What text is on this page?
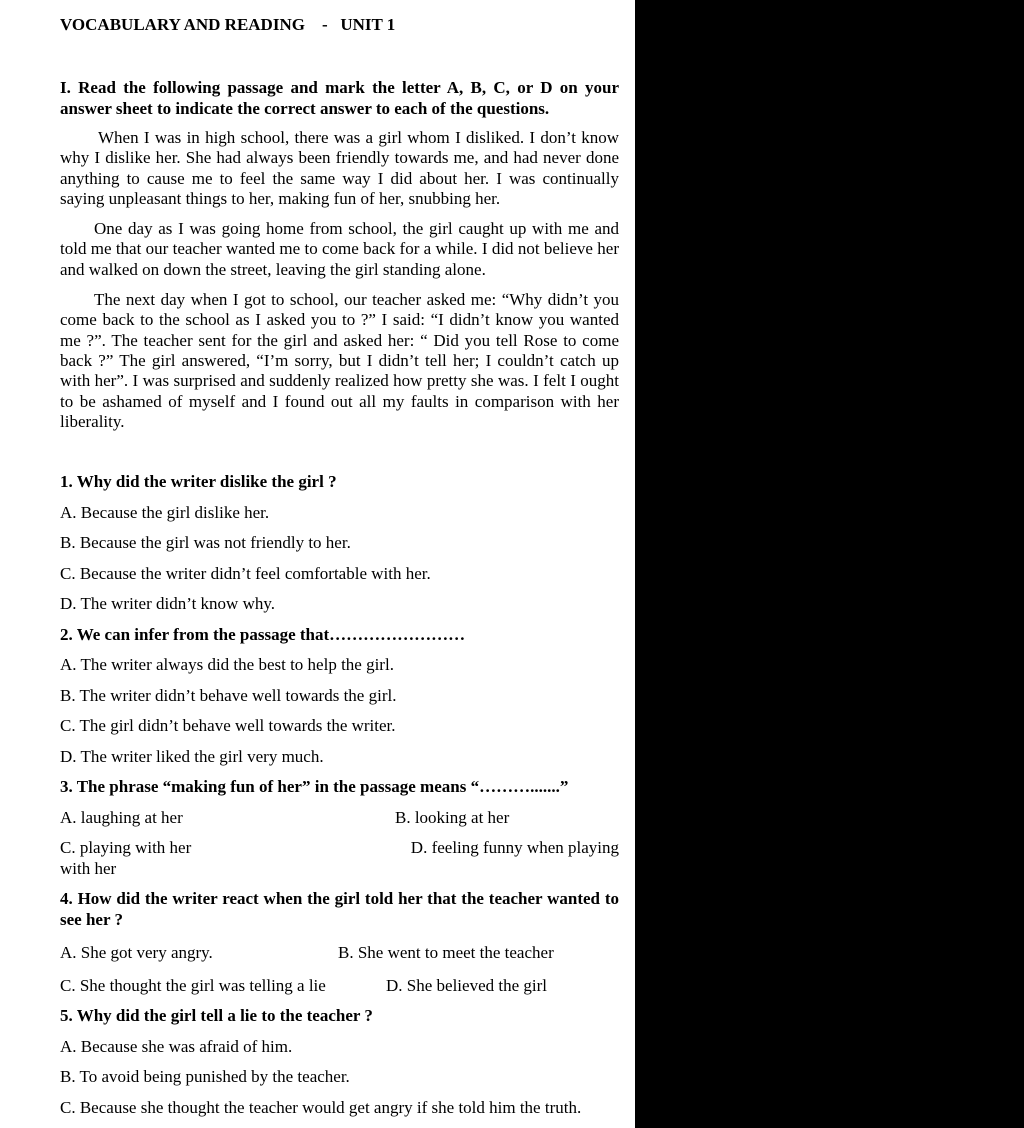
VOCABULARY AND READING    -   UNIT 1

I. Read the following passage and mark the letter A, B, C, or D on your answer sheet to indicate the correct answer to each of the questions.

When I was in high school, there was a girl whom I disliked. I don’t know why I dislike her. She had always been friendly towards me, and had never done anything to cause me to feel the same way I did about her. I was continually saying unpleasant things to her, making fun of her, snubbing her.

One day as I was going home from school, the girl caught up with me and told me that our teacher wanted me to come back for a while. I did not believe her and walked on down the street, leaving the girl standing alone.

The next day when I got to school, our teacher asked me: “Why didn’t you come back to the school as I asked you to ?” I said: “I didn’t know you wanted me ?”. The teacher sent for the girl and asked her: “ Did you tell Rose to come back ?” The girl answered, “I’m sorry, but I didn’t tell her; I couldn’t catch up with her”. I was surprised and suddenly realized how pretty she was. I felt I ought to be ashamed of myself and I found out all my faults in comparison with her liberality.

1. Why did the writer dislike the girl ?
A. Because the girl dislike her.
B. Because the girl was not friendly to her.
C. Because the writer didn’t feel comfortable with her.
D. The writer didn’t know why.
2. We can infer from the passage that……………………
A. The writer always did the best to help the girl.
B. The writer didn’t behave well towards the girl.
C. The girl didn’t behave well towards the writer.
D. The writer liked the girl very much.
3. The phrase “making fun of her” in the passage means “……….......”
A. laughing at her	B. looking at her
C. playing with her	D. feeling funny when playing
with her
4. How did the writer react when the girl told her that the teacher wanted to see her ?
A. She got very angry.	B. She went to meet the teacher
C. She thought the girl was telling a lie	D. She believed the girl
5. Why did the girl tell a lie to the teacher ?
A. Because she was afraid of him.
B. To avoid being punished by the teacher.
C. Because she thought the teacher would get angry if she told him the truth.
